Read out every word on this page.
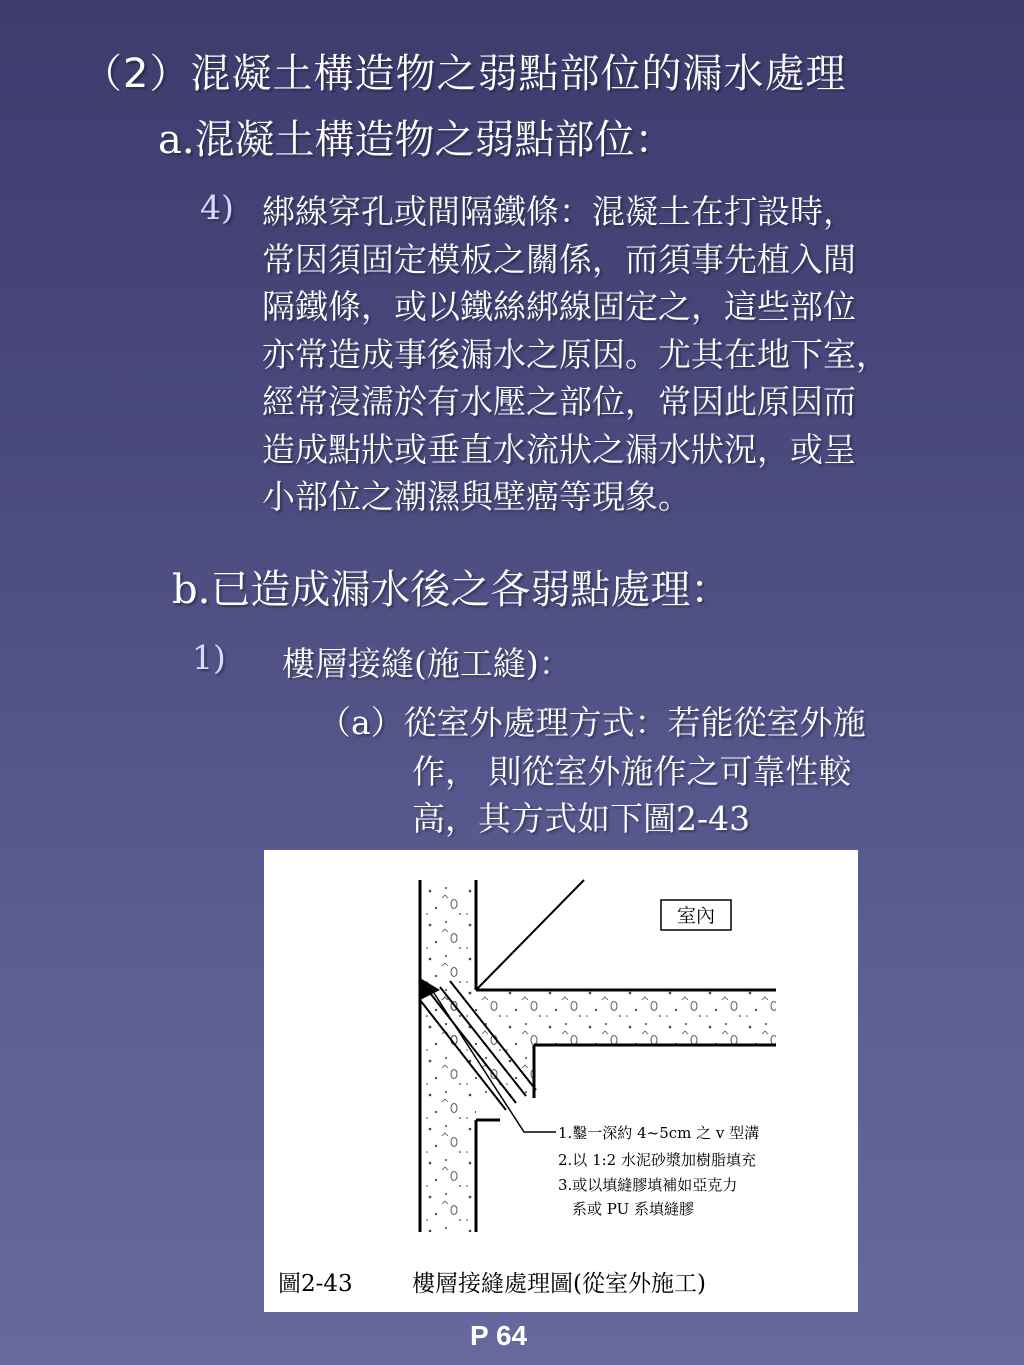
（2）混凝土構造物之弱點部位的漏水處理
a.混凝土構造物之弱點部位：
4) 綁線穿孔或間隔鐵條：混凝土在打設時，
常因須固定模板之關係，而須事先植入間
隔鐵條，或以鐵絲綁線固定之，這些部位
亦常造成事後漏水之原因。尤其在地下室，
經常浸濡於有水壓之部位，常因此原因而
造成點狀或垂直水流狀之漏水狀況，或呈
小部位之潮濕與壁癌等現象。
b.已造成漏水後之各弱點處理：
1) 樓層接縫(施工縫)：
（a）從室外處理方式：若能從室外施
作， 則從室外施作之可靠性較
高，其方式如下圖2-43
室內
1.鑿一深約 4~5cm 之 v 型溝
2.以 1:2 水泥砂漿加樹脂填充
3.或以填縫膠填補如亞克力
系或 PU 系填縫膠
圖2-43	樓層接縫處理圖(從室外施工)
P 64
